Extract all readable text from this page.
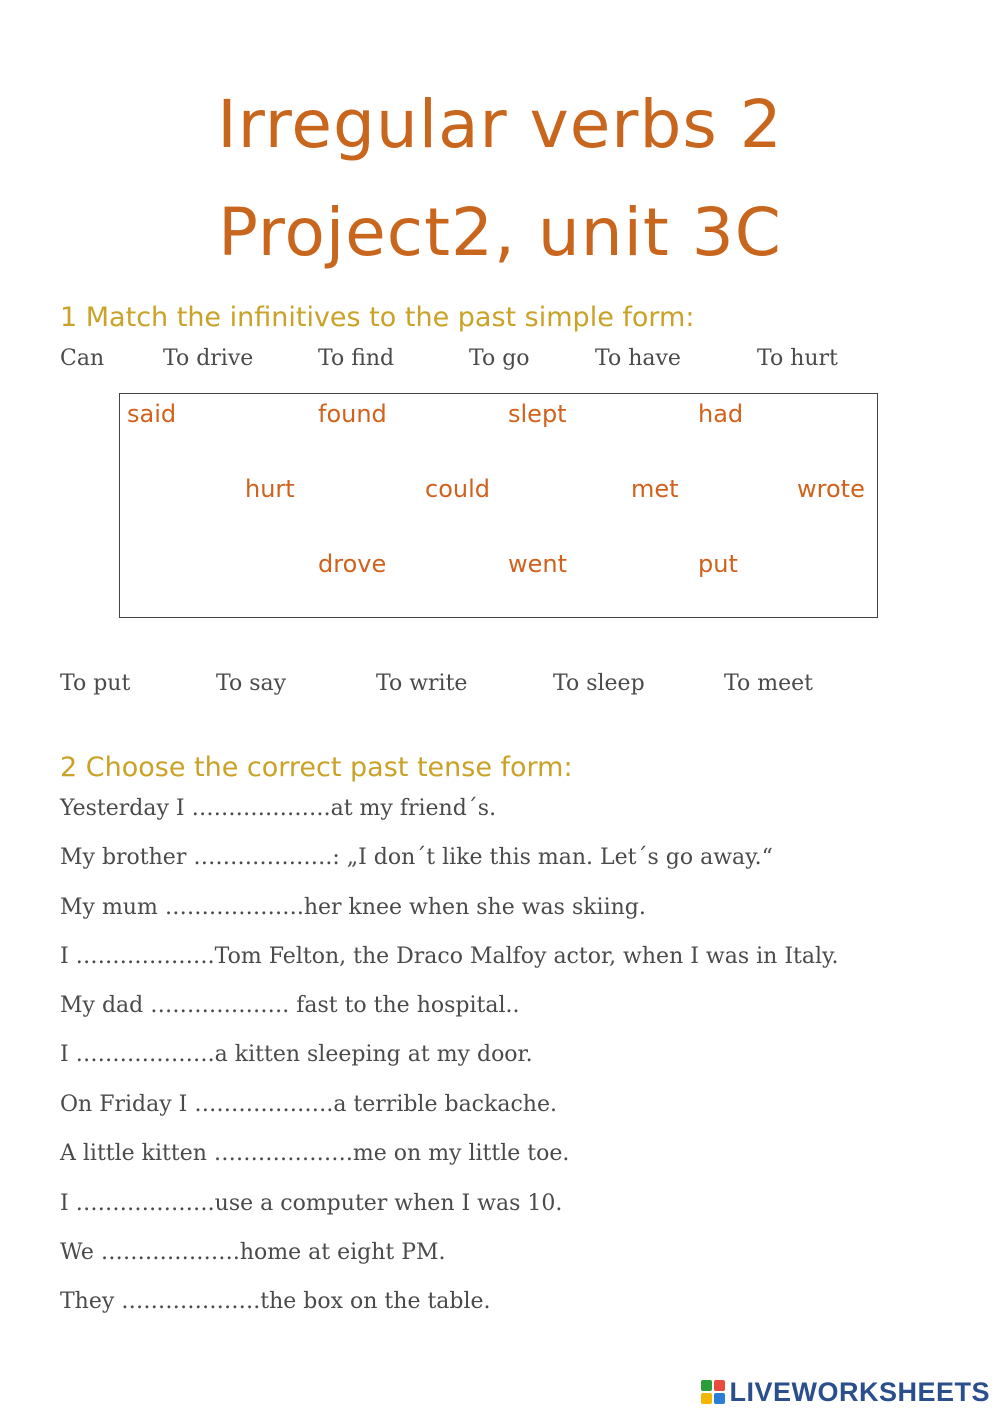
Irregular verbs 2
Project2, unit 3C
1 Match the infinitives to the past simple form:
Can	To drive	To find	To go	To have	To hurt
said	found	slept	had
hurt	could	met	wrote
drove	went	put
To put	To say	To write	To sleep	To meet
2 Choose the correct past tense form:
Yesterday I ……………….at my friend´s.
My brother ……………….: „I don´t like this man. Let´s go away.“
My mum ……………….her knee when she was skiing.
I ……………….Tom Felton, the Draco Malfoy actor, when I was in Italy.
My dad ………………. fast to the hospital..
I ……………….a kitten sleeping at my door.
On Friday I ……………….a terrible backache.
A little kitten ……………….me on my little toe.
I ……………….use a computer when I was 10.
We ……………….home at eight PM.
They ……………….the box on the table.
LIVEWORKSHEETS
